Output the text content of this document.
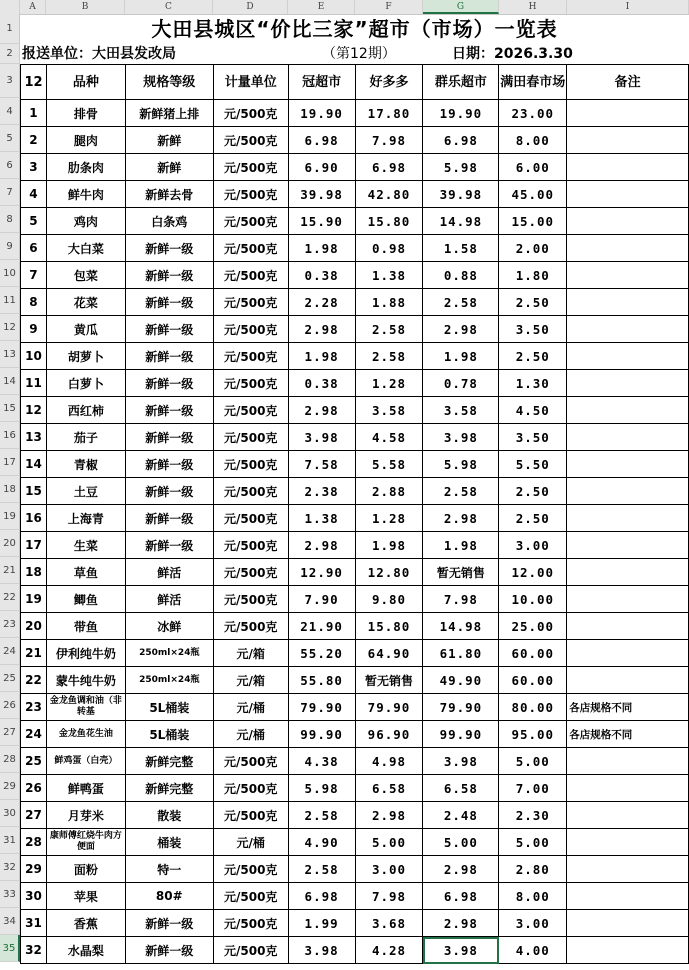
A	B	C	D	E	F	G	H	I
1
2
3
4
5
6
7
8
9
10
11
12
13
14
15
16
17
18
19
20
21
22
23
24
25
26
27
28
29
30
31
32
33
34
35
大田县城区“价比三家”超市（市场）一览表
报送单位：大田县发改局	（第12期）	日期：2026.3.30
12	品种	规格等级	计量单位	冠超市	好多多	群乐超市	满田春市场	备注
1	排骨	新鲜猪上排	元/500克	19.90	17.80	19.90	23.00	
2	腿肉	新鲜	元/500克	6.98	7.98	6.98	8.00	
3	肋条肉	新鲜	元/500克	6.90	6.98	5.98	6.00	
4	鲜牛肉	新鲜去骨	元/500克	39.98	42.80	39.98	45.00	
5	鸡肉	白条鸡	元/500克	15.90	15.80	14.98	15.00	
6	大白菜	新鲜一级	元/500克	1.98	0.98	1.58	2.00	
7	包菜	新鲜一级	元/500克	0.38	1.38	0.88	1.80	
8	花菜	新鲜一级	元/500克	2.28	1.88	2.58	2.50	
9	黄瓜	新鲜一级	元/500克	2.98	2.58	2.98	3.50	
10	胡萝卜	新鲜一级	元/500克	1.98	2.58	1.98	2.50	
11	白萝卜	新鲜一级	元/500克	0.38	1.28	0.78	1.30	
12	西红柿	新鲜一级	元/500克	2.98	3.58	3.58	4.50	
13	茄子	新鲜一级	元/500克	3.98	4.58	3.98	3.50	
14	青椒	新鲜一级	元/500克	7.58	5.58	5.98	5.50	
15	土豆	新鲜一级	元/500克	2.38	2.88	2.58	2.50	
16	上海青	新鲜一级	元/500克	1.38	1.28	2.98	2.50	
17	生菜	新鲜一级	元/500克	2.98	1.98	1.98	3.00	
18	草鱼	鲜活	元/500克	12.90	12.80	暂无销售	12.00	
19	鲫鱼	鲜活	元/500克	7.90	9.80	7.98	10.00	
20	带鱼	冰鲜	元/500克	21.90	15.80	14.98	25.00	
21	伊利纯牛奶	250ml×24瓶	元/箱	55.20	64.90	61.80	60.00	
22	蒙牛纯牛奶	250ml×24瓶	元/箱	55.80	暂无销售	49.90	60.00	
23	金龙鱼调和油（非转基	5L桶装	元/桶	79.90	79.90	79.90	80.00	各店规格不同
24	金龙鱼花生油	5L桶装	元/桶	99.90	96.90	99.90	95.00	各店规格不同
25	鲜鸡蛋（白壳）	新鲜完整	元/500克	4.38	4.98	3.98	5.00	
26	鲜鸭蛋	新鲜完整	元/500克	5.98	6.58	6.58	7.00	
27	月芽米	散装	元/500克	2.58	2.98	2.48	2.30	
28	康师傅红烧牛肉方便面	桶装	元/桶	4.90	5.00	5.00	5.00	
29	面粉	特一	元/500克	2.58	3.00	2.98	2.80	
30	苹果	80#	元/500克	6.98	7.98	6.98	8.00	
31	香蕉	新鲜一级	元/500克	1.99	3.68	2.98	3.00	
32	水晶梨	新鲜一级	元/500克	3.98	4.28	3.98	4.00	
